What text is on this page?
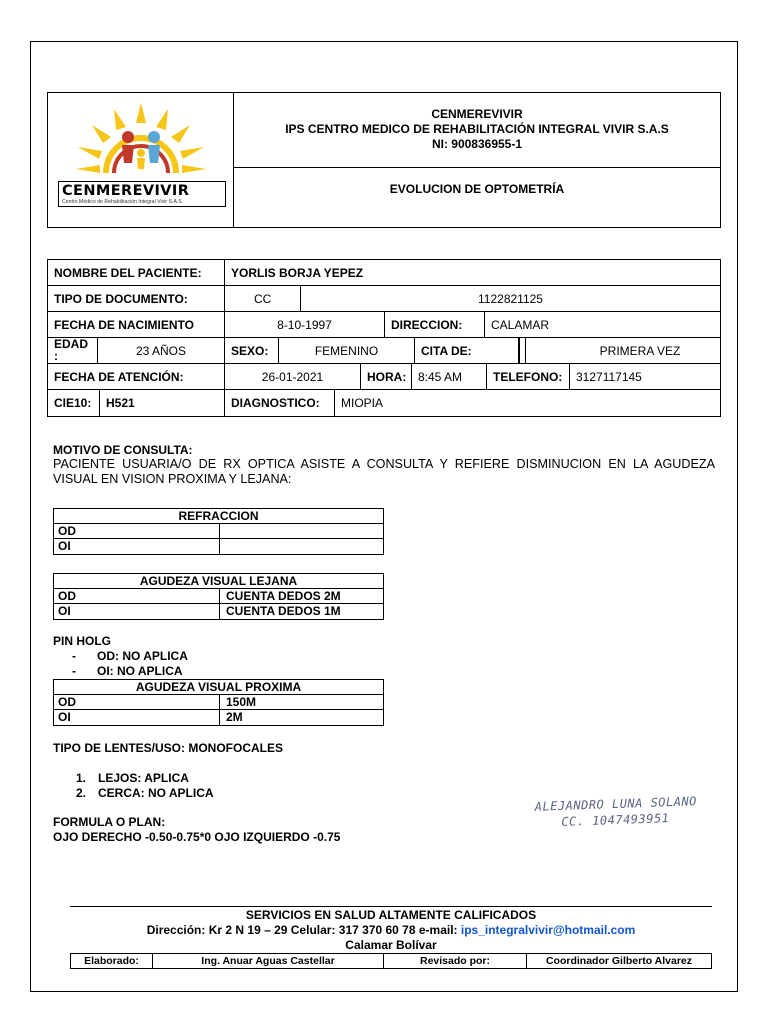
CENMEREVIVIR
Centro Médico de Rehabilitación Integral Vivir S.A.S
CENMEREVIVIR
IPS CENTRO MEDICO DE REHABILITACIÓN INTEGRAL VIVIR S.A.S
NI: 900836955-1
EVOLUCION DE OPTOMETRÍA
NOMBRE DEL PACIENTE:	YORLIS BORJA YEPEZ
TIPO DE DOCUMENTO:	CC	1122821125
FECHA DE NACIMIENTO	8-10-1997	DIRECCION:	CALAMAR
EDAD
:	23 AÑOS	SEXO:	FEMENINO	CITA DE:	PRIMERA VEZ
FECHA DE ATENCIÓN:	26-01-2021	HORA: 8:45 AM	TELEFONO:	3127117145
CIE10:	H521	DIAGNOSTICO:	MIOPIA
MOTIVO DE CONSULTA:
PACIENTE USUARIA/O DE RX OPTICA ASISTE A CONSULTA Y REFIERE DISMINUCION EN LA AGUDEZA VISUAL EN VISION PROXIMA Y LEJANA:
REFRACCION
OD
OI
AGUDEZA VISUAL LEJANA
OD	CUENTA DEDOS 2M
OI	CUENTA DEDOS 1M
PIN HOLG
- OD: NO APLICA
- OI: NO APLICA
AGUDEZA VISUAL PROXIMA
OD	150M
OI	2M
TIPO DE LENTES/USO: MONOFOCALES
1. LEJOS: APLICA
2. CERCA: NO APLICA
FORMULA O PLAN:
OJO DERECHO -0.50-0.75*0 OJO IZQUIERDO -0.75
ALEJANDRO LUNA SOLANO
CC. 1047493951
SERVICIOS EN SALUD ALTAMENTE CALIFICADOS
Dirección: Kr 2 N 19 – 29 Celular: 317 370 60 78 e-mail: ips_integralvivir@hotmail.com
Calamar Bolívar
Elaborado:	Ing. Anuar Aguas Castellar	Revisado por:	Coordinador Gilberto Alvarez
